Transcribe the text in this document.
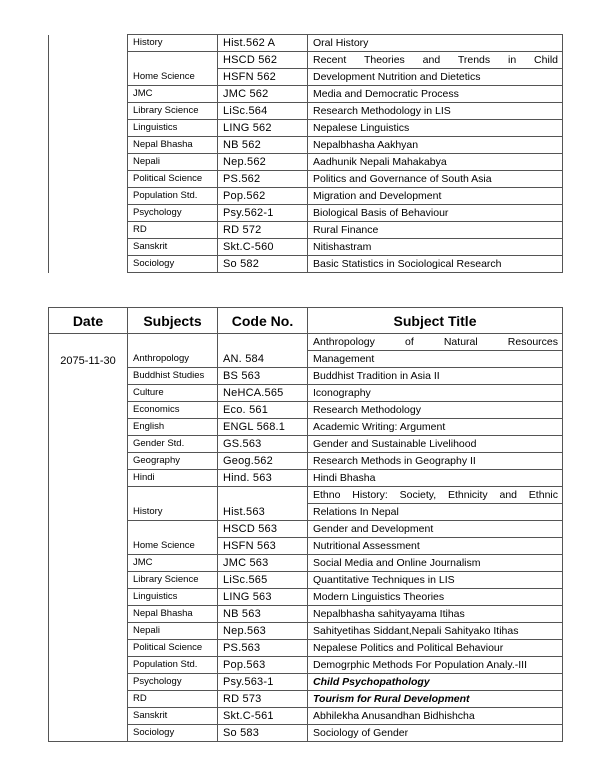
	History	Hist.562 A	Oral History
	Home Science	HSCD 562	Recent Theories and Trends in Child
		HSFN 562	Development Nutrition and Dietetics
	JMC	JMC 562	Media and Democratic Process
	Library Science	LiSc.564	Research Methodology in LIS
	Linguistics	LING 562	Nepalese Linguistics
	Nepal Bhasha	NB 562	Nepalbhasha Aakhyan
	Nepali	Nep.562	Aadhunik Nepali Mahakabya
	Political Science	PS.562	Politics and Governance of South Asia
	Population Std.	Pop.562	Migration and Development
	Psychology	Psy.562-1	Biological Basis of Behaviour
	RD	RD 572	Rural Finance
	Sanskrit	Skt.C-560	Nitishastram
	Sociology	So 582	Basic Statistics in Sociological Research
Date	Subjects	Code No.	Subject Title

2075-11-30	Anthropology	AN. 584	Anthropology of Natural Resources
			Management
	Buddhist Studies	BS 563	Buddhist Tradition in Asia II
	Culture	NeHCA.565	Iconography
	Economics	Eco. 561	Research Methodology
	English	ENGL 568.1	Academic Writing: Argument
	Gender Std.	GS.563	Gender and Sustainable Livelihood
	Geography	Geog.562	Research Methods in Geography II
	Hindi	Hind. 563	Hindi Bhasha
	History	Hist.563	Ethno History: Society, Ethnicity and Ethnic
			Relations In Nepal
	Home Science	HSCD 563	Gender and Development
		HSFN 563	Nutritional Assessment
	JMC	JMC 563	Social Media and Online Journalism
	Library Science	LiSc.565	Quantitative Techniques in LIS
	Linguistics	LING 563	Modern Linguistics Theories
	Nepal Bhasha	NB 563	Nepalbhasha sahityayama Itihas
	Nepali	Nep.563	Sahityetihas Siddant,Nepali Sahityako Itihas
	Political Science	PS.563	Nepalese Politics and Political Behaviour
	Population Std.	Pop.563	Demogrphic Methods For Population Analy.-III
	Psychology	Psy.563-1	Child Psychopathology
	RD	RD 573	Tourism for Rural Development
	Sanskrit	Skt.C-561	Abhilekha Anusandhan Bidhishcha
	Sociology	So 583	Sociology of Gender
